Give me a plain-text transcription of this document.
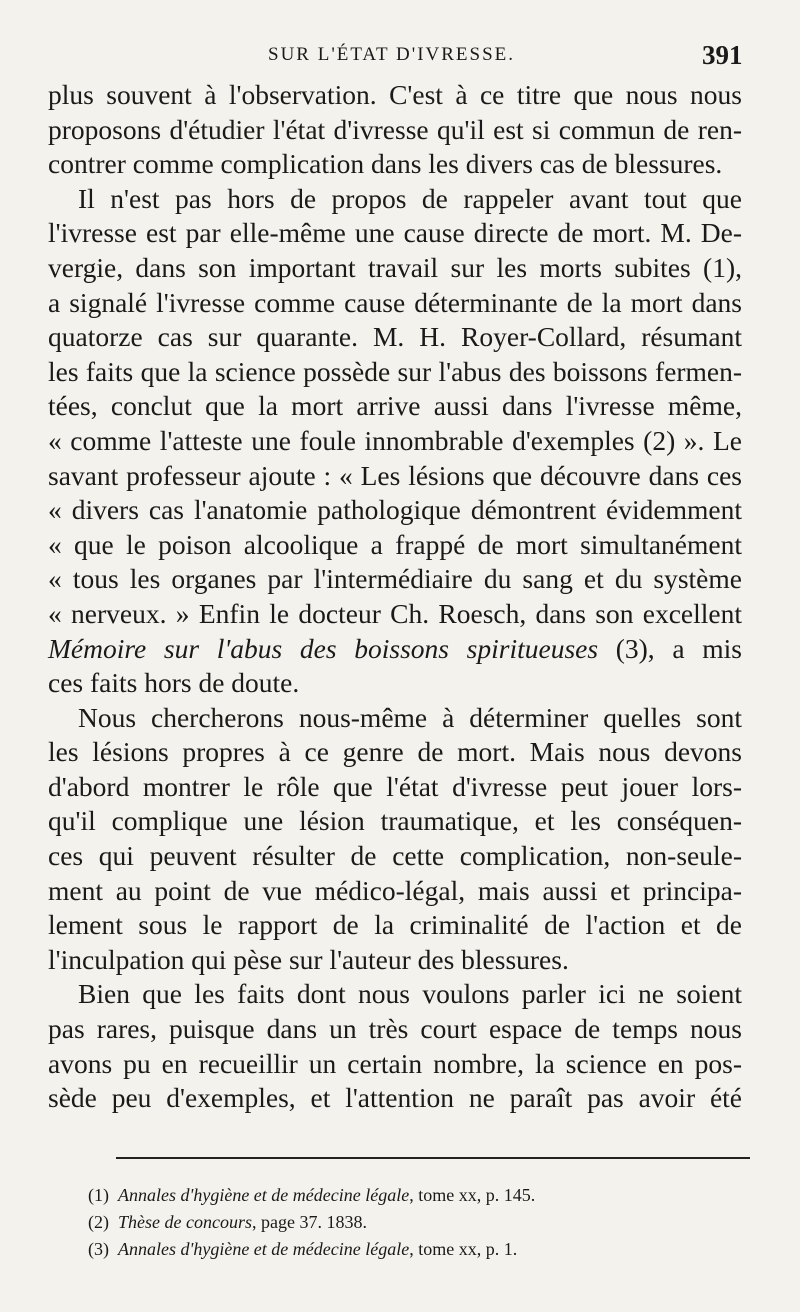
SUR L'ÉTAT D'IVRESSE.	391
plus souvent à l'observation. C'est à ce titre que nous nous
proposons d'étudier l'état d'ivresse qu'il est si commun de ren-
contrer comme complication dans les divers cas de blessures.
Il n'est pas hors de propos de rappeler avant tout que
l'ivresse est par elle-même une cause directe de mort. M. De-
vergie, dans son important travail sur les morts subites (1),
a signalé l'ivresse comme cause déterminante de la mort dans
quatorze cas sur quarante. M. H. Royer-Collard, résumant
les faits que la science possède sur l'abus des boissons fermen-
tées, conclut que la mort arrive aussi dans l'ivresse même,
« comme l'atteste une foule innombrable d'exemples (2) ». Le
savant professeur ajoute : « Les lésions que découvre dans ces
« divers cas l'anatomie pathologique démontrent évidemment
« que le poison alcoolique a frappé de mort simultanément
« tous les organes par l'intermédiaire du sang et du système
« nerveux. » Enfin le docteur Ch. Roesch, dans son excellent
Mémoire sur l'abus des boissons spiritueuses (3), a mis
ces faits hors de doute.
Nous chercherons nous-même à déterminer quelles sont
les lésions propres à ce genre de mort. Mais nous devons
d'abord montrer le rôle que l'état d'ivresse peut jouer lors-
qu'il complique une lésion traumatique, et les conséquen-
ces qui peuvent résulter de cette complication, non-seule-
ment au point de vue médico-légal, mais aussi et principa-
lement sous le rapport de la criminalité de l'action et de
l'inculpation qui pèse sur l'auteur des blessures.
Bien que les faits dont nous voulons parler ici ne soient
pas rares, puisque dans un très court espace de temps nous
avons pu en recueillir un certain nombre, la science en pos-
sède peu d'exemples, et l'attention ne paraît pas avoir été
(1) Annales d'hygiène et de médecine légale, tome xx, p. 145.
(2) Thèse de concours, page 37. 1838.
(3) Annales d'hygiène et de médecine légale, tome xx, p. 1.
